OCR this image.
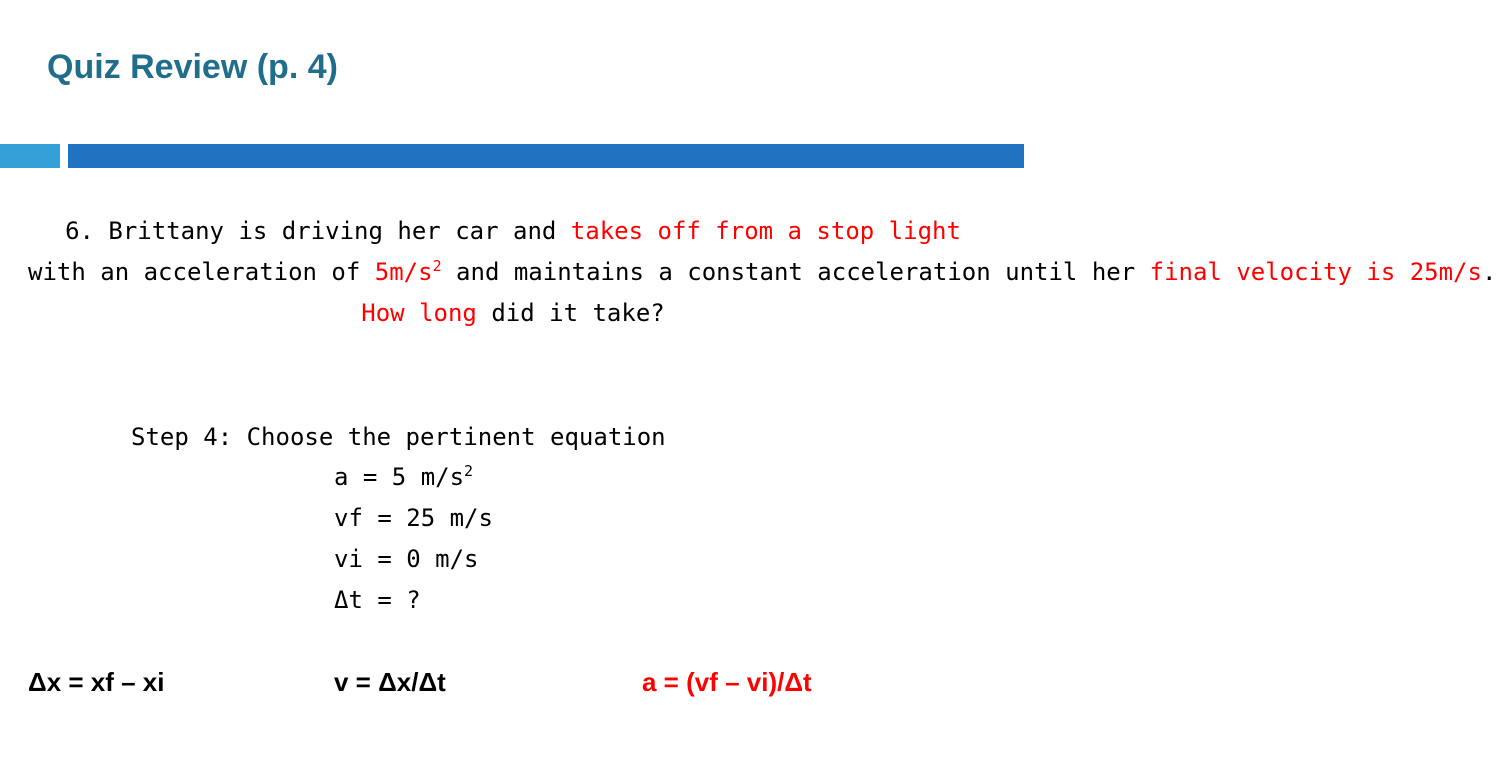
Quiz Review (p. 4)

6. Brittany is driving her car and takes off from a stop light
with an acceleration of $5m/s^2$ and maintains a constant acceleration until her final velocity is 25m/s.
How long did it take?

Step 4: Choose the pertinent equation

a = 5 $m/s^2$
vf = 25 m/s
vi = 0 m/s
Δt = ?

Δx = xf – xi	v = Δx/Δt	a = (vf – vi)/Δt
